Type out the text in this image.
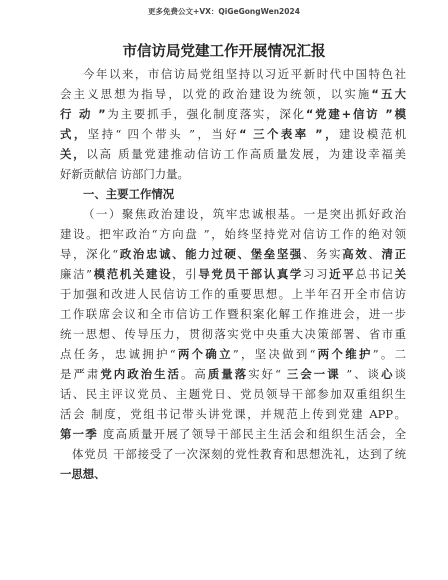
更多免费公文+VX：QiGeGongWen2024
市信访局党建工作开展情况汇报
今年以来，市信访局党组坚持以习近平新时代中国特色社
会主义思想为指导，以党的政治建设为统领，以实施“五大
行 动 ”为主要抓手，强化制度落实，深化“党建+信访 ”模
式，坚持“ 四个带头 ”，当好“ 三个表率 ”，建设模范机
关，以高 质量党建推动信访工作高质量发展，为建设幸福美
好新贡献信 访部门力量。
一、主要工作情况
（一）聚焦政治建设，筑牢忠诚根基。一是突出抓好政治
建设。把牢政治“方向盘 ”，始终坚持党对信访工作的绝对领
导，深化“政治忠诚、能力过硬、堡垒坚强、务实高效、清正
廉洁”模范机关建设，引导党员干部认真学习习近平总书记关
于加强和改进人民信访工作的重要思想。上半年召开全市信访
工作联席会议和全市信访工作暨积案化解工作推进会，进一步
统一思想、传导压力，贯彻落实党中央重大决策部署、省市重
点任务，忠诚拥护“两个确立”，坚决做到“两个维护”。二
是严肃党内政治生活。高质量落实好“ 三会一课 ”、谈心谈
话、民主评议党员、主题党日、党员领导干部参加双重组织生
活会 制度，党组书记带头讲党课，并规范上传到党建 APP。
第一季 度高质量开展了领导干部民主生活会和组织生活会，全
体党员 干部接受了一次深刻的党性教育和思想洗礼，达到了统
一思想、
